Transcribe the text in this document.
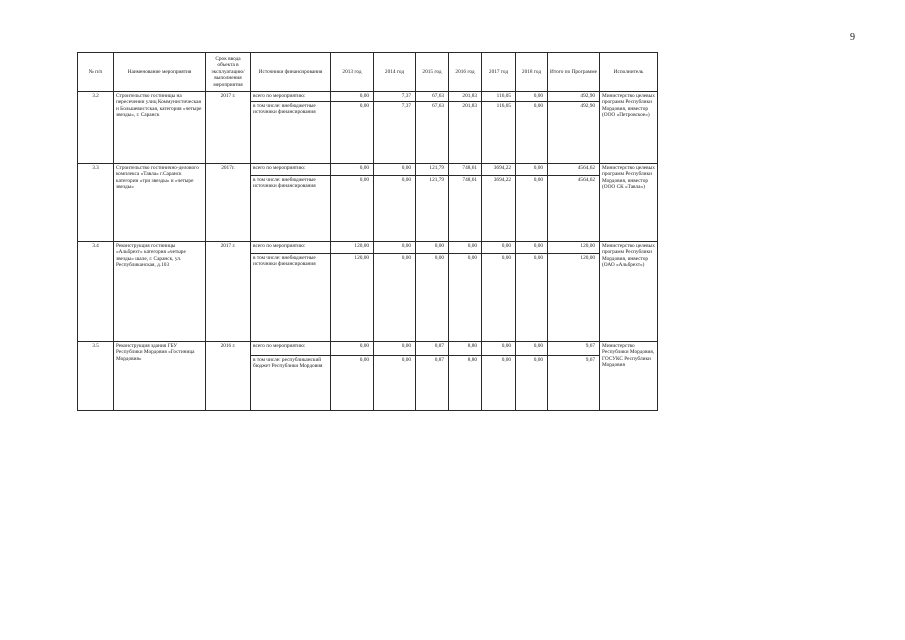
9
№ п/п	Наименование мероприятия	Срок ввода объекта в эксплуатацию/ выполнения мероприятия	Источники финансирования	2013 год	2014 год	2015 год	2016 год	2017 год	2018 год	Итого по Программе	Исполнитель
3.2	Строительство гостиницы на пересечении улиц Коммунистическая и Большевистская, категория «четыре звезды», г. Саранск	2017 г.	всего по мероприятию:	0,00	7,37	67,63	201,83	116,05	0,00	492,90	Министерство целевых программ Республики Мордовия, инвестор (ООО «Петровское»)
			в том числе: внебюджетные источники финансирования	0,00	7,37	67,63	201,83	116,05	0,00	492,90	
3.3	Строительство гостинично-делового комплекса «Тавла» г.Саранск категории «три звезды» и «четыре звезды»	2017г.	всего по мероприятию:	0,00	0,00	121,79	748,61	3694,22	0,00	4564,62	Министерство целевых программ Республики Мордовия, инвестор (ООО СК «Тавла»)
			в том числе: внебюджетные источники финансирования	0,00	0,00	121,79	748,61	3694,22	0,00	4564,62	
3.4	Реконструкция гостиницы «Альбрехт» категория «четыре звезды» шале, г. Саранск, ул. Республиканская, д.103	2017 г.	всего по мероприятию:	120,00	0,00	0,00	0,00	0,00	0,00	120,00	Министерство целевых программ Республики Мордовия, инвестор (ОАО «Альбрехт»)
			в том числе: внебюджетные источники финансирования	120,00	0,00	0,00	0,00	0,00	0,00	120,00	
3.5	Реконструкция здания ГБУ Республики Мордовия «Гостиница Мордовия»	2016 г.	всего по мероприятию:	0,00	0,00	0,87	8,80	0,00	0,00	9,67	Министерство Республики Мордовия, ГОСУКС Республики Мордовия
			в том числе: республиканский бюджет Республики Мордовия	0,00	0,00	0,87	8,80	0,00	0,00	9,67	
